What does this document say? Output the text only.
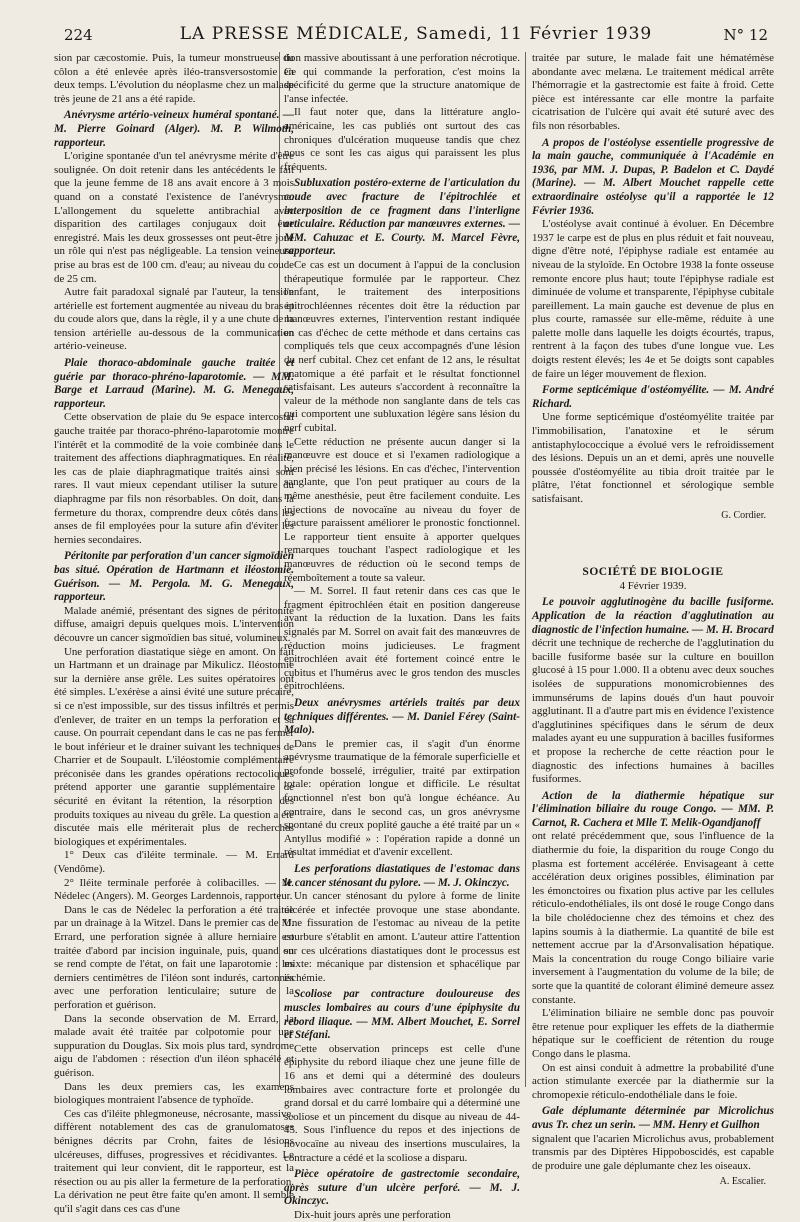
224	LA PRESSE MÉDICALE, Samedi, 11 Février 1939	N° 12

sion par cæcostomie. Puis, la tumeur monstrueuse du côlon a été enlevée après iléo-transversostomie en deux temps. L'évolution du néoplasme chez un malade très jeune de 21 ans a été rapide.

Anévrysme artério-veineux huméral spontané. — M. Pierre Goinard (Alger). M. P. Wilmoth, rapporteur.

L'origine spontanée d'un tel anévrysme mérite d'être soulignée. On doit retenir dans les antécédents le fait que la jeune femme de 18 ans avait encore à 3 mois quand on a constaté l'existence de l'anévrysme. L'allongement du squelette antibrachial avec disparition des cartilages conjugaux doit être enregistré. Mais les deux grossesses ont peut-être joué un rôle qui n'est pas négligeable. La tension veineuse prise au bras est de 100 cm. d'eau; au niveau du coude de 25 cm.

Autre fait paradoxal signalé par l'auteur, la tension artérielle est fortement augmentée au niveau du bras et du coude alors que, dans la règle, il y a une chute de la tension artérielle au-dessous de la communication artério-veineuse.

Plaie thoraco-abdominale gauche traitée et guérie par thoraco-phréno-laparotomie. — MM. Barge et Larraud (Marine). M. G. Menegaux, rapporteur.

Cette observation de plaie du 9e espace intercostal gauche traitée par thoraco-phréno-laparotomie montre l'intérêt et la commodité de la voie combinée dans le traitement des affections diaphragmatiques. En réalité, les cas de plaie diaphragmatique traités ainsi sont rares. Il vaut mieux cependant utiliser la suture du diaphragme par fils non résorbables. On doit, dans la fermeture du thorax, comprendre deux côtés dans les anses de fil employées pour la suture afin d'éviter les hernies secondaires.

Péritonite par perforation d'un cancer sigmoïdien bas situé. Opération de Hartmann et iléostomie. Guérison. — M. Pergola. M. G. Menegaux, rapporteur.

Malade anémié, présentant des signes de péritonite diffuse, amaigri depuis quelques mois. L'intervention découvre un cancer sigmoïdien bas situé, volumineux.

Une perforation diastatique siège en amont. On fait un Hartmann et un drainage par Mikulicz. Iléostomie sur la dernière anse grêle. Les suites opératoires ont été simples. L'exérèse a ainsi évité une suture précaire, si ce n'est impossible, sur des tissus infiltrés et permis d'enlever, de traiter en un temps la perforation et sa cause. On pourrait cependant dans le cas ne pas fermer le bout inférieur et le drainer suivant les techniques de Charrier et de Soupault. L'iléostomie complémentaire préconisée dans les grandes opérations rectocoliques prétend apporter une garantie supplémentaire de sécurité en évitant la rétention, la résorption des produits toxiques au niveau du grêle. La question a été discutée mais elle mériterait plus de recherches biologiques et expérimentales.

1° Deux cas d'iléite terminale. — M. Errard (Vendôme).

2° Iléite terminale perforée à colibacilles. — M. Nédelec (Angers). M. Georges Lardennois, rapporteur.

Dans le cas de Nédelec la perforation a été traitée par un drainage à la Witzel. Dans le premier cas de M. Errard, une perforation signée à allure herniaire est traitée d'abord par incision inguinale, puis, quand on se rend compte de l'état, on fait une laparotomie : les derniers centimètres de l'iléon sont indurés, cartonnés avec une perforation lenticulaire; suture de la perforation et guérison.

Dans la seconde observation de M. Errard, la malade avait été traitée par colpotomie pour une suppuration du Douglas. Six mois plus tard, syndrome aigu de l'abdomen : résection d'un iléon sphacélé et guérison.

Dans les deux premiers cas, les examens biologiques montraient l'absence de typhoïde.

Ces cas d'iléite phlegmoneuse, nécrosante, massive, diffèrent notablement des cas de granulomatoses bénignes décrits par Crohn, faites de lésions ulcéreuses, diffuses, progressives et récidivantes. Le traitement qui leur convient, dit le rapporteur, est la résection ou au pis aller la fermeture de la perforation. La dérivation ne peut être faite qu'en amont. Il semble qu'il s'agit dans ces cas d'une

tion massive aboutissant à une perforation nécrotique. Ce qui commande la perforation, c'est moins la spécificité du germe que la structure anatomique de l'anse infectée.

Il faut noter que, dans la littérature anglo-américaine, les cas publiés ont surtout des cas chroniques d'ulcération muqueuse tandis que chez nous ce sont les cas aigus qui paraissent les plus fréquents.

Subluxation postéro-externe de l'articulation du coude avec fracture de l'épitrochlée et interposition de ce fragment dans l'interligne articulaire. Réduction par manœuvres externes. — MM. Cahuzac et E. Courty. M. Marcel Fèvre, rapporteur.

Ce cas est un document à l'appui de la conclusion thérapeutique formulée par le rapporteur. Chez l'enfant, le traitement des interpositions épitrochléennes récentes doit être la réduction par manœuvres externes, l'intervention restant indiquée en cas d'échec de cette méthode et dans certains cas compliqués tels que ceux accompagnés d'une lésion du nerf cubital. Chez cet enfant de 12 ans, le résultat anatomique a été parfait et le résultat fonctionnel satisfaisant. Les auteurs s'accordent à reconnaître la valeur de la méthode non sanglante dans de tels cas qui comportent une subluxation légère sans lésion du nerf cubital.

Cette réduction ne présente aucun danger si la manœuvre est douce et si l'examen radiologique a bien précisé les lésions. En cas d'échec, l'intervention sanglante, que l'on peut pratiquer au cours de la même anesthésie, peut être facilement conduite. Les injections de novocaïne au niveau du foyer de fracture paraissent améliorer le pronostic fonctionnel. Le rapporteur tient ensuite à apporter quelques remarques touchant l'aspect radiologique et les manœuvres de réduction où le second temps de réemboîtement a toute sa valeur.

— M. Sorrel. Il faut retenir dans ces cas que le fragment épitrochléen était en position dangereuse avant la réduction de la luxation. Dans les faits signalés par M. Sorrel on avait fait des manœuvres de réduction moins judicieuses. Le fragment épitrochléen avait été fortement coincé entre le cubitus et l'humérus avec le gros tendon des muscles épitrochléens.

Deux anévrysmes artériels traités par deux techniques différentes. — M. Daniel Férey (Saint-Malo).

Dans le premier cas, il s'agit d'un énorme anévrysme traumatique de la fémorale superficielle et profonde bosselé, irrégulier, traité par extirpation totale: opération longue et difficile. Le résultat fonctionnel n'est bon qu'à longue échéance. Au contraire, dans le second cas, un gros anévrysme spontané du creux poplité gauche a été traité par un « Antyllus modifié » : l'opération rapide a donné un résultat immédiat et d'avenir excellent.

Les perforations diastatiques de l'estomac dans le cancer sténosant du pylore. — M. J. Okinczyc.

Un cancer sténosant du pylore à forme de linite ulcérée et infectée provoque une stase abondante. Une fissuration de l'estomac au niveau de la petite courbure s'établit en amont. L'auteur attire l'attention sur ces ulcérations diastatiques dont le processus est mixte: mécanique par distension et sphacélique par ischémie.

Scoliose par contracture douloureuse des muscles lombaires au cours d'une épiphysite du rebord iliaque. — MM. Albert Mouchet, E. Sorrel et Stéfani.

Cette observation princeps est celle d'une épiphysite du rebord iliaque chez une jeune fille de 16 ans et demi qui a déterminé des douleurs lombaires avec contracture forte et prolongée du grand dorsal et du carré lombaire qui a déterminé une scoliose et un pincement du disque au niveau de 44-45. Sous l'influence du repos et des injections de novocaïne au niveau des insertions musculaires, la contracture a cédé et la scoliose a disparu.

Pièce opératoire de gastrectomie secondaire, après suture d'un ulcère perforé. — M. J. Okinczyc.

Dix-huit jours après une perforation

traitée par suture, le malade fait une hématémèse abondante avec melæna. Le traitement médical arrête l'hémorragie et la gastrectomie est faite à froid. Cette pièce est intéressante car elle montre la parfaite cicatrisation de l'ulcère qui avait été suturé avec des fils non résorbables.

A propos de l'ostéolyse essentielle progressive de la main gauche, communiquée à l'Académie en 1936, par MM. J. Dupas, P. Badelon et C. Daydé (Marine). — M. Albert Mouchet rappelle cette extraordinaire ostéolyse qu'il a rapportée le 12 Février 1936.

L'ostéolyse avait continué à évoluer. En Décembre 1937 le carpe est de plus en plus réduit et fait nouveau, digne d'être noté, l'épiphyse radiale est entamée au niveau de la styloïde. En Octobre 1938 la fonte osseuse remonte encore plus haut; toute l'épiphyse radiale est diminuée de volume et transparente, l'épiphyse cubitale pareillement. La main gauche est devenue de plus en plus courte, ramassée sur elle-même, réduite à une palette molle dans laquelle les doigts écourtés, trapus, rentrent à la façon des tubes d'une longue vue. Les doigts restent élevés; les 4e et 5e doigts sont capables de faire un léger mouvement de flexion.

Forme septicémique d'ostéomyélite. — M. André Richard.

Une forme septicémique d'ostéomyélite traitée par l'immobilisation, l'anatoxine et le sérum antistaphylococcique a évolué vers le refroidissement des lésions. Depuis un an et demi, après une nouvelle poussée d'ostéomyélite au tibia droit traitée par le plâtre, l'état fonctionnel et sérologique semble satisfaisant.

G. Cordier.
SOCIÉTÉ DE BIOLOGIE
4 Février 1939.
Le pouvoir agglutinogène du bacille fusiforme. Application de la réaction d'agglutination au diagnostic de l'infection humaine. — M. H. Brocard

décrit une technique de recherche de l'agglutination du bacille fusiforme basée sur la culture en bouillon glucosé à 15 pour 1.000. Il a obtenu avec deux souches isolées de suppurations monomicrobiennes des immunsérums de lapins doués d'un haut pouvoir agglutinant. Il a d'autre part mis en évidence l'existence d'agglutinines spécifiques dans le sérum de deux malades ayant eu une suppuration à bacilles fusiformes et propose la recherche de cette réaction pour le diagnostic des infections humaines à bacilles fusiformes.

Action de la diathermie hépatique sur l'élimination biliaire du rouge Congo. — MM. P. Carnot, R. Cachera et Mlle T. Melik-Ogandjanoff

ont relaté précédemment que, sous l'influence de la diathermie du foie, la disparition du rouge Congo du plasma est fortement accélérée. Envisageant à cette accélération deux origines possibles, élimination par les émonctoires ou fixation plus active par les cellules réticulo-endothéliales, ils ont dosé le rouge Congo dans la bile cholédocienne chez des témoins et chez des lapins soumis à la diathermie. La quantité de bile est nettement accrue par la d'Arsonvalisation hépatique. Mais la concentration du rouge Congo biliaire varie inversement à l'augmentation du volume de la bile; de sorte que la quantité de colorant éliminé demeure assez constante.

L'élimination biliaire ne semble donc pas pouvoir être retenue pour expliquer les effets de la diathermie hépatique sur le coefficient de rétention du rouge Congo dans le plasma.

On est ainsi conduit à admettre la probabilité d'une action stimulante exercée par la diathermie sur la chromopexie réticulo-endothéliale dans le foie.

Gale déplumante déterminée par Microlichus avus Tr. chez un serin. — MM. Henry et Guilhon

signalent que l'acarien Microlichus avus, probablement transmis par des Diptères Hippoboscidés, est capable de produire une gale déplumante chez les oiseaux.

A. Escalier.
